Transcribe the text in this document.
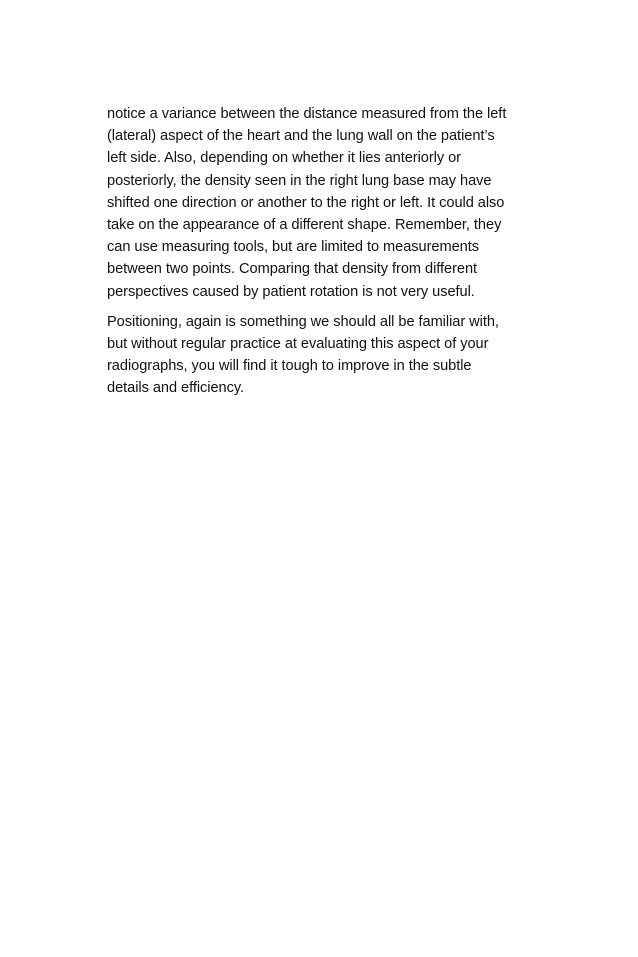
notice a variance between the distance measured from the left
(lateral) aspect of the heart and the lung wall on the patient’s
left side. Also, depending on whether it lies anteriorly or
posteriorly, the density seen in the right lung base may have
shifted one direction or another to the right or left. It could also
take on the appearance of a different shape. Remember, they
can use measuring tools, but are limited to measurements
between two points. Comparing that density from different
perspectives caused by patient rotation is not very useful.
Positioning, again is something we should all be familiar with,
but without regular practice at evaluating this aspect of your
radiographs, you will find it tough to improve in the subtle
details and efficiency.
